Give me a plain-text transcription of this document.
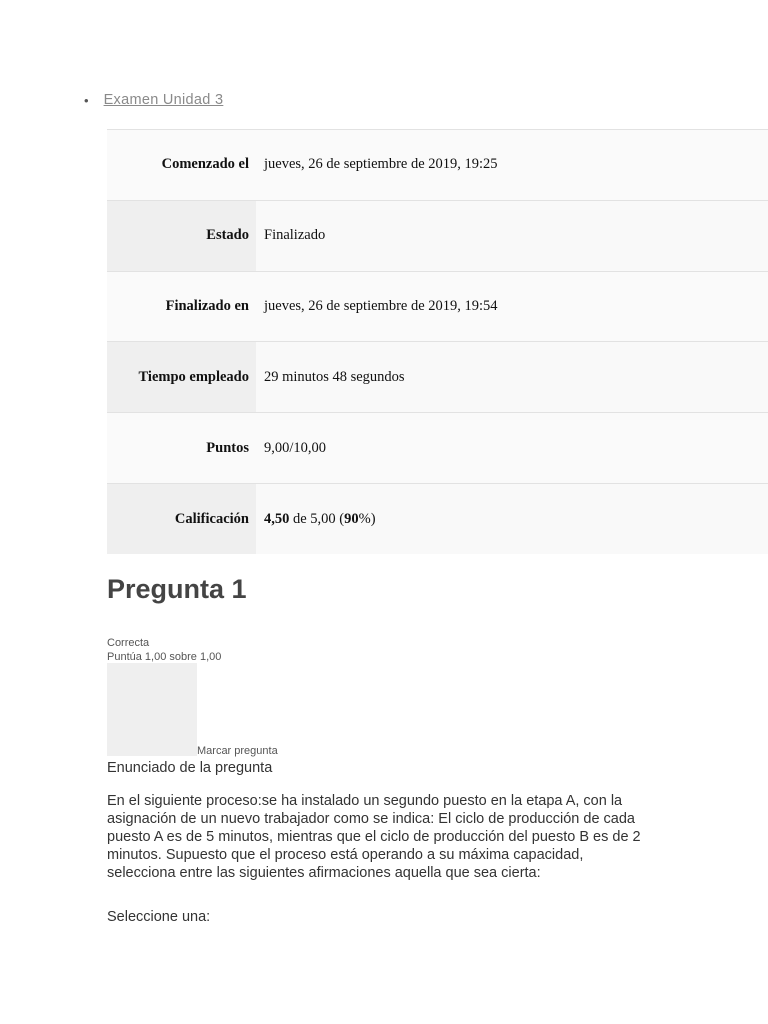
• Examen Unidad 3
Comenzado el	jueves, 26 de septiembre de 2019, 19:25
Estado	Finalizado
Finalizado en	jueves, 26 de septiembre de 2019, 19:54
Tiempo empleado	29 minutos 48 segundos
Puntos	9,00/10,00
Calificación	4,50 de 5,00 (90%)
Pregunta 1
Correcta
Puntúa 1,00 sobre 1,00
Marcar pregunta
Enunciado de la pregunta

En el siguiente proceso:se ha instalado un segundo puesto en la etapa A, con la asignación de un nuevo trabajador como se indica: El ciclo de producción de cada puesto A es de 5 minutos, mientras que el ciclo de producción del puesto B es de 2 minutos. Supuesto que el proceso está operando a su máxima capacidad, selecciona entre las siguientes afirmaciones aquella que sea cierta:

Seleccione una:
